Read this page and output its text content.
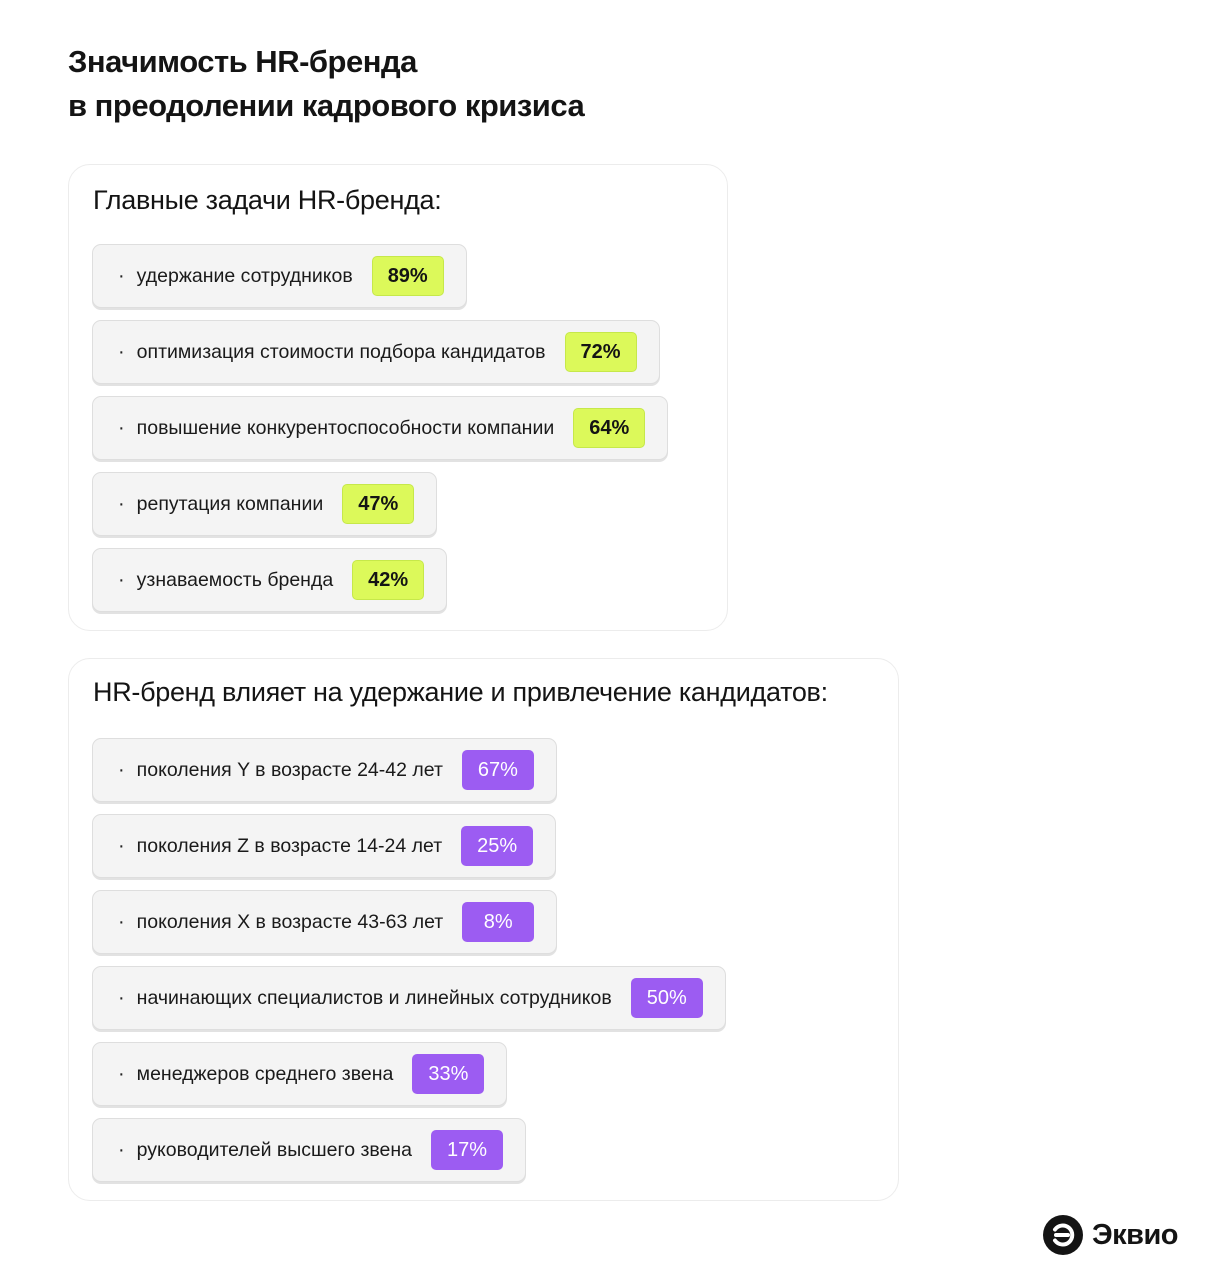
Значимость HR-бренда
в преодолении кадрового кризиса
Главные задачи HR-бренда:
· удержание сотрудников	89%
· оптимизация стоимости подбора кандидатов	72%
· повышение конкурентоспособности компании	64%
· репутация компании	47%
· узнаваемость бренда	42%
HR-бренд влияет на удержание и привлечение кандидатов:
· поколения Y в возрасте 24-42 лет	67%
· поколения Z в возрасте 14-24 лет	25%
· поколения X в возрасте 43-63 лет	8%
· начинающих специалистов и линейных сотрудников	50%
· менеджеров среднего звена	33%
· руководителей высшего звена	17%
Эквио
